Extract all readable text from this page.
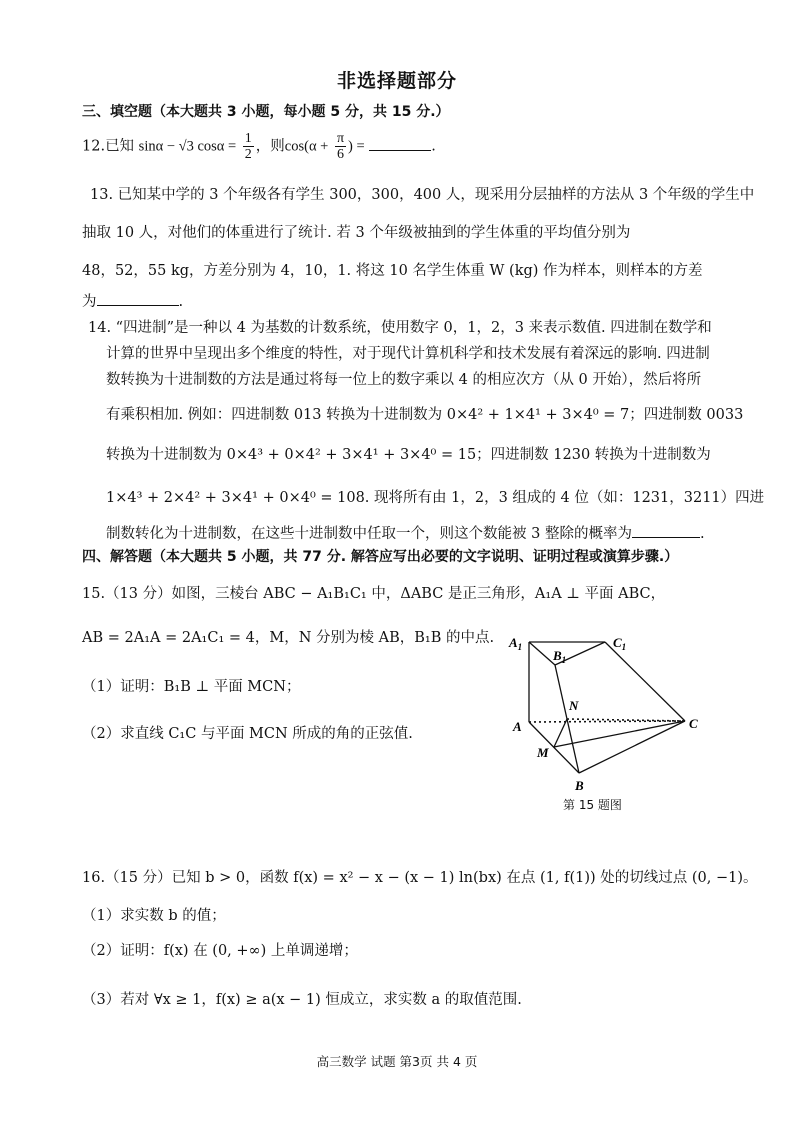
非选择题部分
三、填空题（本大题共 3 小题，每小题 5 分，共 15 分.）
12.已知 sinα − √3 $\cos\alpha = \frac{1}{2}$ ，则$\cos(\alpha + \frac{\pi}{6}$ ) =	.
13. 已知某中学的 3 个年级各有学生 300，300，400 人，现采用分层抽样的方法从 3 个年级的学生中
抽取 10 人，对他们的体重进行了统计. 若 3 个年级被抽到的学生体重的平均值分别为
48，52，55 kg，方差分别为 4，10，1. 将这 10 名学生体重 W (kg) 作为样本，则样本的方差
为	.
14. “四进制”是一种以 4 为基数的计数系统，使用数字 0，1，2，3 来表示数值. 四进制在数学和
计算的世界中呈现出多个维度的特性，对于现代计算机科学和技术发展有着深远的影响. 四进制
数转换为十进制数的方法是通过将每一位上的数字乘以 4 的相应次方（从 0 开始），然后将所
有乘积相加. 例如：四进制数 013 转换为十进制数为 0×4² + 1×4¹ + 3×4⁰ = 7；四进制数 0033
转换为十进制数为 0×4³ + 0×4² + 3×4¹ + 3×4⁰ = 15；四进制数 1230 转换为十进制数为
1×4³ + 2×4² + 3×4¹ + 0×4⁰ = 108. 现将所有由 1，2，3 组成的 4 位（如：1231，3211）四进
制数转化为十进制数，在这些十进制数中任取一个，则这个数能被 3 整除的概率为	.
四、解答题（本大题共 5 小题，共 77 分. 解答应写出必要的文字说明、证明过程或演算步骤.）
15.（13 分）如图，三棱台 ABC − A₁B₁C₁ 中，ΔABC 是正三角形，A₁A ⊥ 平面 ABC，
AB = 2A₁A = 2A₁C₁ = 4，M，N 分别为棱 AB，B₁B 的中点.
（1）证明：B₁B ⊥ 平面 MCN；
（2）求直线 C₁C 与平面 MCN 所成的角的正弦值.
$A_1$
$B_1$
$C_1$
N
A	C
M
B
第 15 题图
16.（15 分）已知 b > 0，函数 f(x) = x² − x − (x − 1) ln(bx) 在点 (1, f(1)) 处的切线过点 (0, −1)。
（1）求实数 b 的值；
（2）证明：f(x) 在 (0, +∞) 上单调递增；
（3）若对 ∀x ≥ 1，f(x) ≥ a(x − 1) 恒成立，求实数 a 的取值范围.
高三数学 试题 第3页 共 4 页
